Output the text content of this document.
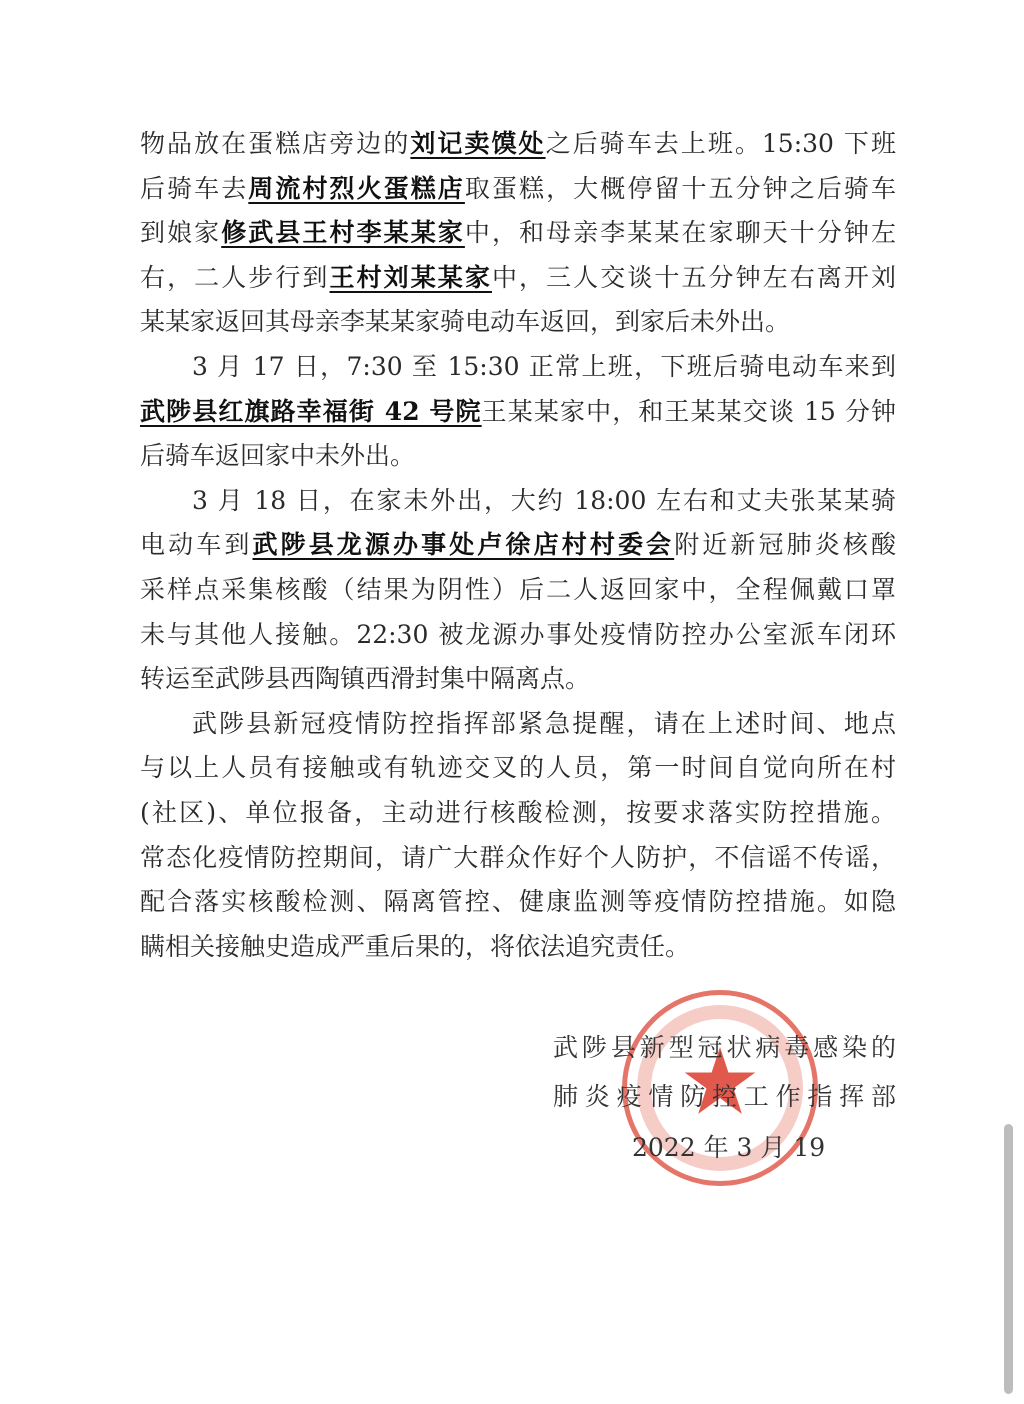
物品放在蛋糕店旁边的刘记卖馍处之后骑车去上班。15:30 下班
后骑车去周流村烈火蛋糕店取蛋糕，大概停留十五分钟之后骑车
到娘家修武县王村李某某家中，和母亲李某某在家聊天十分钟左
右，二人步行到王村刘某某家中，三人交谈十五分钟左右离开刘
某某家返回其母亲李某某家骑电动车返回，到家后未外出。
3 月 17 日，7:30 至 15:30 正常上班，下班后骑电动车来到
武陟县红旗路幸福街 42 号院王某某家中，和王某某交谈 15 分钟
后骑车返回家中未外出。
3 月 18 日，在家未外出，大约 18:00 左右和丈夫张某某骑
电动车到武陟县龙源办事处卢徐店村村委会附近新冠肺炎核酸
采样点采集核酸（结果为阴性）后二人返回家中，全程佩戴口罩
未与其他人接触。22:30 被龙源办事处疫情防控办公室派车闭环
转运至武陟县西陶镇西滑封集中隔离点。
武陟县新冠疫情防控指挥部紧急提醒，请在上述时间、地点
与以上人员有接触或有轨迹交叉的人员，第一时间自觉向所在村
(社区)、单位报备，主动进行核酸检测，按要求落实防控措施。
常态化疫情防控期间，请广大群众作好个人防护，不信谣不传谣，
配合落实核酸检测、隔离管控、健康监测等疫情防控措施。如隐
瞒相关接触史造成严重后果的，将依法追究责任。
★
武陟县新型冠状病毒感染的
肺炎疫情防控工作指挥部
2022 年 3 月 19
